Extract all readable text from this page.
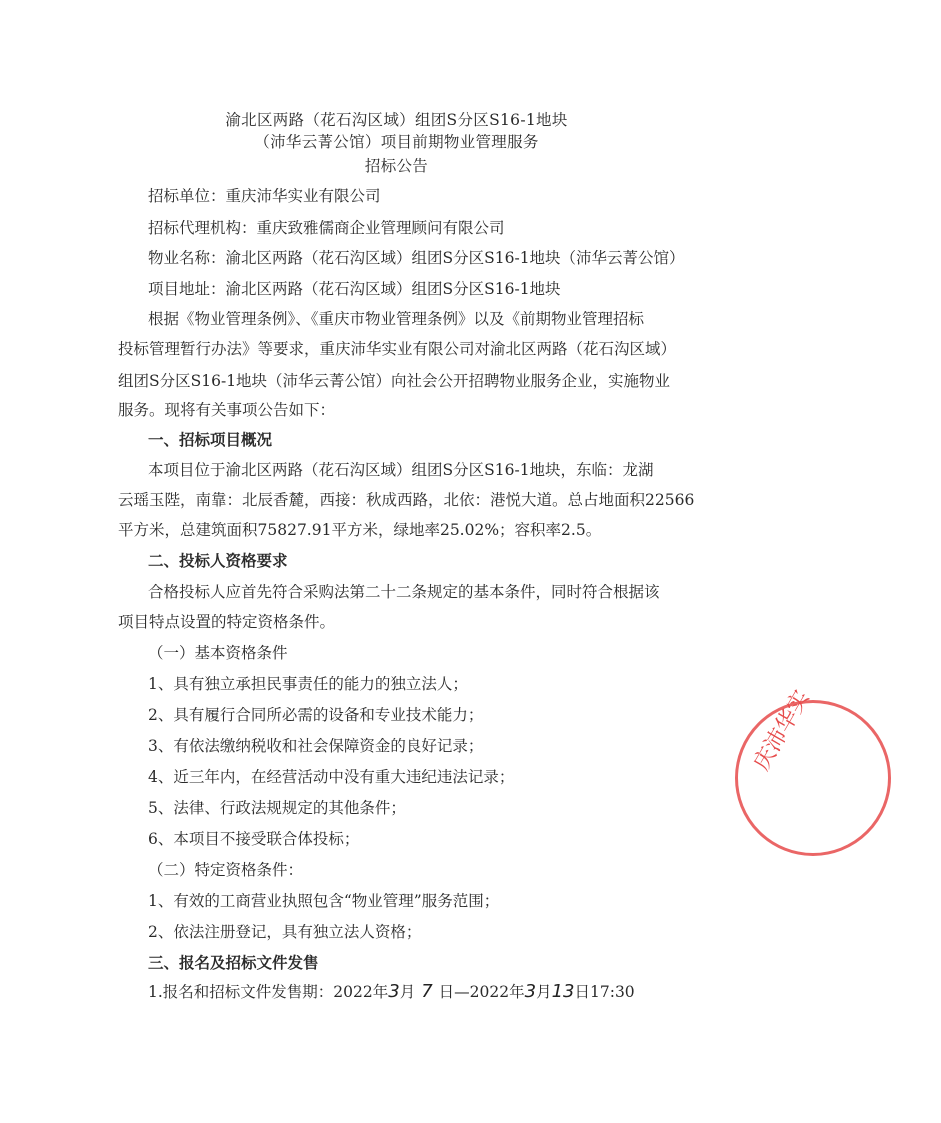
渝北区两路（花石沟区域）组团S分区S16-1地块
（沛华云菁公馆）项目前期物业管理服务
招标公告
招标单位：重庆沛华实业有限公司
招标代理机构：重庆致雅儒商企业管理顾问有限公司
物业名称：渝北区两路（花石沟区域）组团S分区S16-1地块（沛华云菁公馆）
项目地址：渝北区两路（花石沟区域）组团S分区S16-1地块
根据《物业管理条例》、《重庆市物业管理条例》以及《前期物业管理招标
投标管理暂行办法》等要求，重庆沛华实业有限公司对渝北区两路（花石沟区域）
组团S分区S16-1地块（沛华云菁公馆）向社会公开招聘物业服务企业，实施物业
服务。现将有关事项公告如下：
一、招标项目概况
本项目位于渝北区两路（花石沟区域）组团S分区S16-1地块，东临：龙湖
云瑶玉陛，南靠：北辰香麓，西接：秋成西路，北依：港悦大道。总占地面积22566
平方米，总建筑面积75827.91平方米，绿地率25.02%；容积率2.5。
二、投标人资格要求
合格投标人应首先符合采购法第二十二条规定的基本条件，同时符合根据该
项目特点设置的特定资格条件。
（一）基本资格条件
1、具有独立承担民事责任的能力的独立法人；
2、具有履行合同所必需的设备和专业技术能力；
3、有依法缴纳税收和社会保障资金的良好记录；
4、近三年内，在经营活动中没有重大违纪违法记录；
5、法律、行政法规规定的其他条件；
6、本项目不接受联合体投标；
（二）特定资格条件：
1、有效的工商营业执照包含“物业管理”服务范围；
2、依法注册登记，具有独立法人资格；
三、报名及招标文件发售
1.报名和招标文件发售期：2022年3月 7 日—2022年3月13日17:30
庆沛华实
